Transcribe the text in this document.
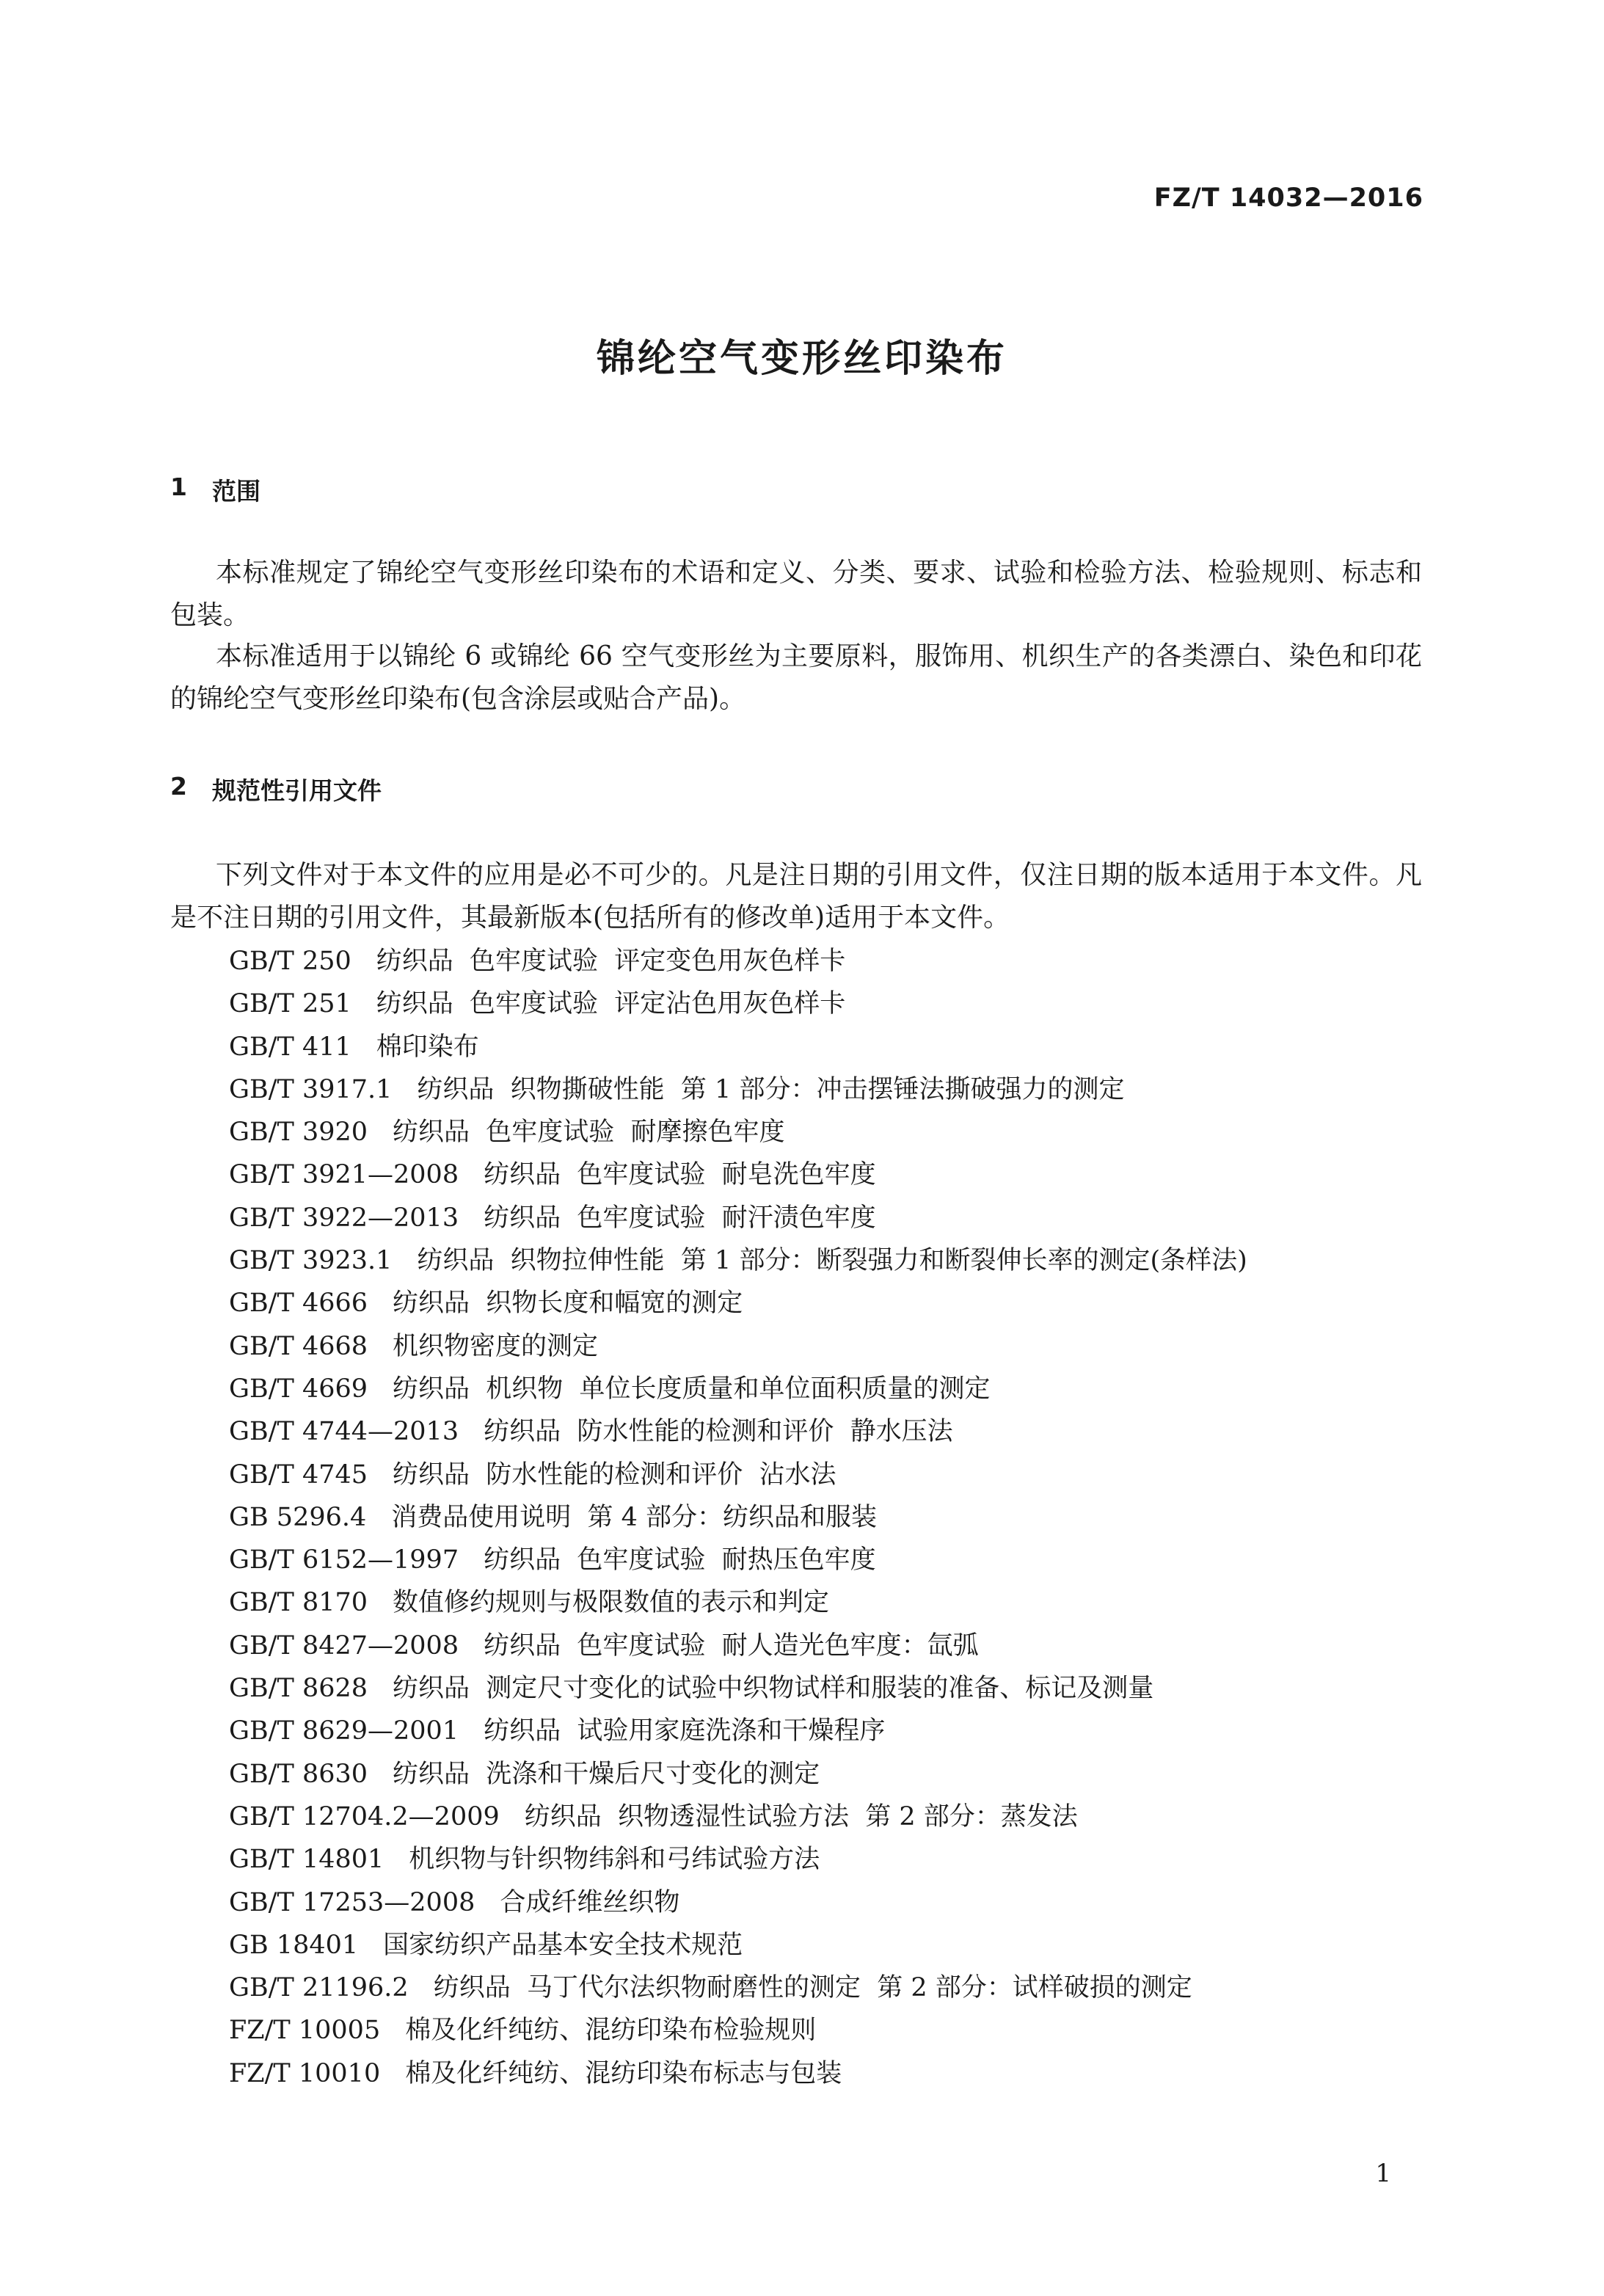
FZ/T 14032—2016
锦纶空气变形丝印染布
1 范围

本标准规定了锦纶空气变形丝印染布的术语和定义、分类、要求、试验和检验方法、检验规则、标志和包装。

本标准适用于以锦纶 6 或锦纶 66 空气变形丝为主要原料，服饰用、机织生产的各类漂白、染色和印花的锦纶空气变形丝印染布(包含涂层或贴合产品)。

2 规范性引用文件

下列文件对于本文件的应用是必不可少的。凡是注日期的引用文件，仅注日期的版本适用于本文件。凡是不注日期的引用文件，其最新版本(包括所有的修改单)适用于本文件。

GB/T 250 纺织品  色牢度试验  评定变色用灰色样卡
GB/T 251 纺织品  色牢度试验  评定沾色用灰色样卡
GB/T 411 棉印染布
GB/T 3917.1 纺织品  织物撕破性能  第 1 部分：冲击摆锤法撕破强力的测定
GB/T 3920 纺织品  色牢度试验  耐摩擦色牢度
GB/T 3921—2008 纺织品  色牢度试验  耐皂洗色牢度
GB/T 3922—2013 纺织品  色牢度试验  耐汗渍色牢度
GB/T 3923.1 纺织品  织物拉伸性能  第 1 部分：断裂强力和断裂伸长率的测定(条样法)
GB/T 4666 纺织品  织物长度和幅宽的测定
GB/T 4668 机织物密度的测定
GB/T 4669 纺织品  机织物  单位长度质量和单位面积质量的测定
GB/T 4744—2013 纺织品  防水性能的检测和评价  静水压法
GB/T 4745 纺织品  防水性能的检测和评价  沾水法
GB 5296.4 消费品使用说明  第 4 部分：纺织品和服装
GB/T 6152—1997 纺织品  色牢度试验  耐热压色牢度
GB/T 8170 数值修约规则与极限数值的表示和判定
GB/T 8427—2008 纺织品  色牢度试验  耐人造光色牢度：氙弧
GB/T 8628 纺织品  测定尺寸变化的试验中织物试样和服装的准备、标记及测量
GB/T 8629—2001 纺织品  试验用家庭洗涤和干燥程序
GB/T 8630 纺织品  洗涤和干燥后尺寸变化的测定
GB/T 12704.2—2009 纺织品  织物透湿性试验方法  第 2 部分：蒸发法
GB/T 14801 机织物与针织物纬斜和弓纬试验方法
GB/T 17253—2008 合成纤维丝织物
GB 18401 国家纺织产品基本安全技术规范
GB/T 21196.2 纺织品  马丁代尔法织物耐磨性的测定  第 2 部分：试样破损的测定
FZ/T 10005 棉及化纤纯纺、混纺印染布检验规则
FZ/T 10010 棉及化纤纯纺、混纺印染布标志与包装
1
